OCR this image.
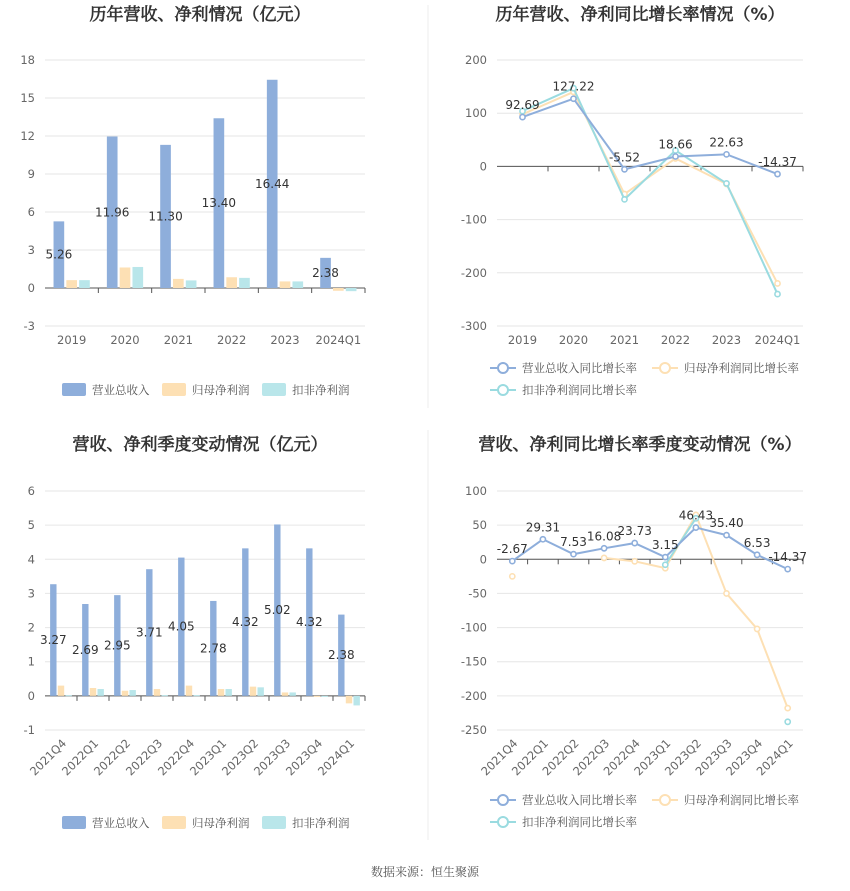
历年营收、净利情况（亿元）	历年营收、净利同比增长率情况（%）
营收、净利季度变动情况（亿元）	营收、净利同比增长率季度变动情况（%）
-3
0
3
6
9
12
15
18
2019 2020 2021 2022 2023 2024Q1
5.26
11.96 11.30
13.40
16.44
2.38
营业总收入	归母净利润	扣非净利润
-300
-200
-100
0
100
200
2019 2020 2021 2022 2023 2024Q1
92.69
127.22
-5.52
18.66 22.63
-14.37
营业总收入同比增长率	归母净利润同比增长率
扣非净利润同比增长率
-1
0
1
2
3
4
5
6
2021Q4
2022Q1
2022Q2
2022Q3
2022Q4
2023Q1
2023Q2
2023Q3
2023Q4
2024Q1
3.27
2.69 2.95
3.71 4.05
2.78
4.32
5.02
4.32
2.38
营业总收入	归母净利润	扣非净利润
-250
-200
-150
-100
-50
0
50
100
2021Q4
2022Q1
2022Q2
2022Q3
2022Q4
2023Q1
2023Q2
2023Q3
2023Q4
2024Q1
-2.67
29.31
7.53 16.08
23.73
3.15
46.43
35.40
6.53
-14.37
营业总收入同比增长率	归母净利润同比增长率
扣非净利润同比增长率
数据来源：恒生聚源
